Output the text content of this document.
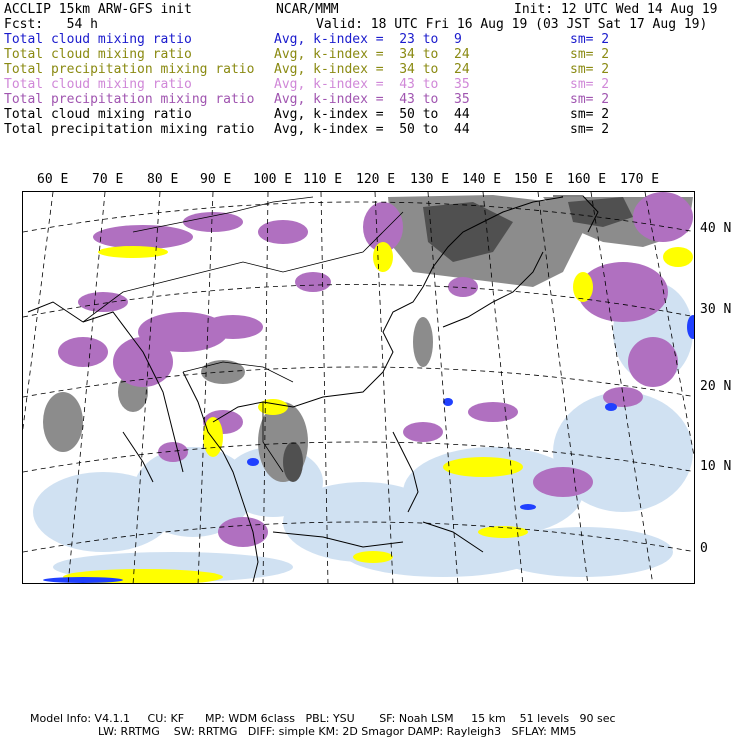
ACCLIP 15km ARW-GFS init	NCAR/MMM	Init: 12 UTC Wed 14 Aug 19
Fcst: 54 h	Valid: 18 UTC Fri 16 Aug 19 (03 JST Sat 17 Aug 19)
Total cloud mixing ratio	Avg, k-index =  23 to  9	sm= 2
Total cloud mixing ratio	Avg, k-index =  34 to  24	sm= 2
Total precipitation mixing ratio Avg, k-index =  34 to  24	sm= 2
Total cloud mixing ratio	Avg, k-index =  43 to  35	sm= 2
Total precipitation mixing ratio Avg, k-index =  43 to  35	sm= 2
Total cloud mixing ratio	Avg, k-index =  50 to  44	sm= 2
Total precipitation mixing ratio Avg, k-index =  50 to  44	sm= 2
60 E 70 E 80 E 90 E 100 E 110 E 120 E 130 E 140 E 150 E 160 E 170 E
40 N
30 N
20 N
10 N
0
Model Info: V4.1.1     CU: KF      MP: WDM 6class   PBL: YSU       SF: Noah LSM     15 km    51 levels   90 sec
LW: RRTMG    SW: RRTMG   DIFF: simple KM: 2D Smagor DAMP: Rayleigh3   SFLAY: MM5
